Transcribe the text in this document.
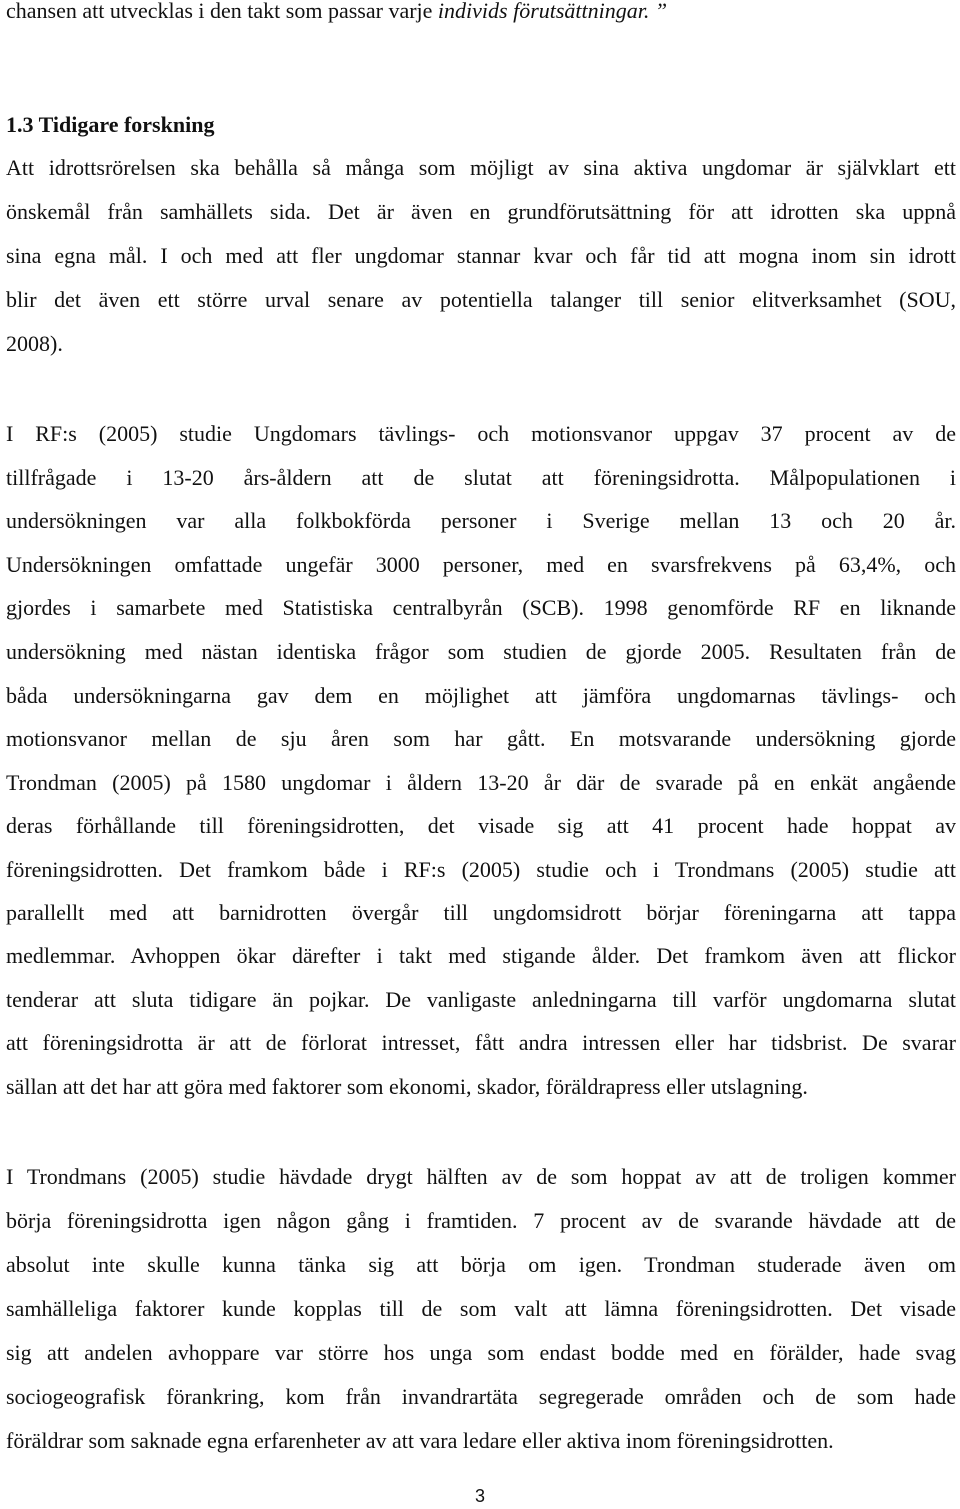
chansen att utvecklas i den takt som passar varje individs förutsättningar. ”
1.3 Tidigare forskning
Att idrottsrörelsen ska behålla så många som möjligt av sina aktiva ungdomar är självklart ett
önskemål från samhällets sida. Det är även en grundförutsättning för att idrotten ska uppnå
sina egna mål. I och med att fler ungdomar stannar kvar och får tid att mogna inom sin idrott
blir det även ett större urval senare av potentiella talanger till senior elitverksamhet (SOU,
2008).
I RF:s (2005) studie Ungdomars tävlings- och motionsvanor uppgav 37 procent av de
tillfrågade i 13-20 års-åldern att de slutat att föreningsidrotta. Målpopulationen i
undersökningen var alla folkbokförda personer i Sverige mellan 13 och 20 år.
Undersökningen omfattade ungefär 3000 personer, med en svarsfrekvens på 63,4%, och
gjordes i samarbete med Statistiska centralbyrån (SCB). 1998 genomförde RF en liknande
undersökning med nästan identiska frågor som studien de gjorde 2005. Resultaten från de
båda undersökningarna gav dem en möjlighet att jämföra ungdomarnas tävlings- och
motionsvanor mellan de sju åren som har gått. En motsvarande undersökning gjorde
Trondman (2005) på 1580 ungdomar i åldern 13-20 år där de svarade på en enkät angående
deras förhållande till föreningsidrotten, det visade sig att 41 procent hade hoppat av
föreningsidrotten. Det framkom både i RF:s (2005) studie och i Trondmans (2005) studie att
parallellt med att barnidrotten övergår till ungdomsidrott börjar föreningarna att tappa
medlemmar. Avhoppen ökar därefter i takt med stigande ålder. Det framkom även att flickor
tenderar att sluta tidigare än pojkar. De vanligaste anledningarna till varför ungdomarna slutat
att föreningsidrotta är att de förlorat intresset, fått andra intressen eller har tidsbrist. De svarar
sällan att det har att göra med faktorer som ekonomi, skador, föräldrapress eller utslagning.
I Trondmans (2005) studie hävdade drygt hälften av de som hoppat av att de troligen kommer
börja föreningsidrotta igen någon gång i framtiden. 7 procent av de svarande hävdade att de
absolut inte skulle kunna tänka sig att börja om igen. Trondman studerade även om
samhälleliga faktorer kunde kopplas till de som valt att lämna föreningsidrotten. Det visade
sig att andelen avhoppare var större hos unga som endast bodde med en förälder, hade svag
sociogeografisk förankring, kom från invandrartäta segregerade områden och de som hade
föräldrar som saknade egna erfarenheter av att vara ledare eller aktiva inom föreningsidrotten.
3
